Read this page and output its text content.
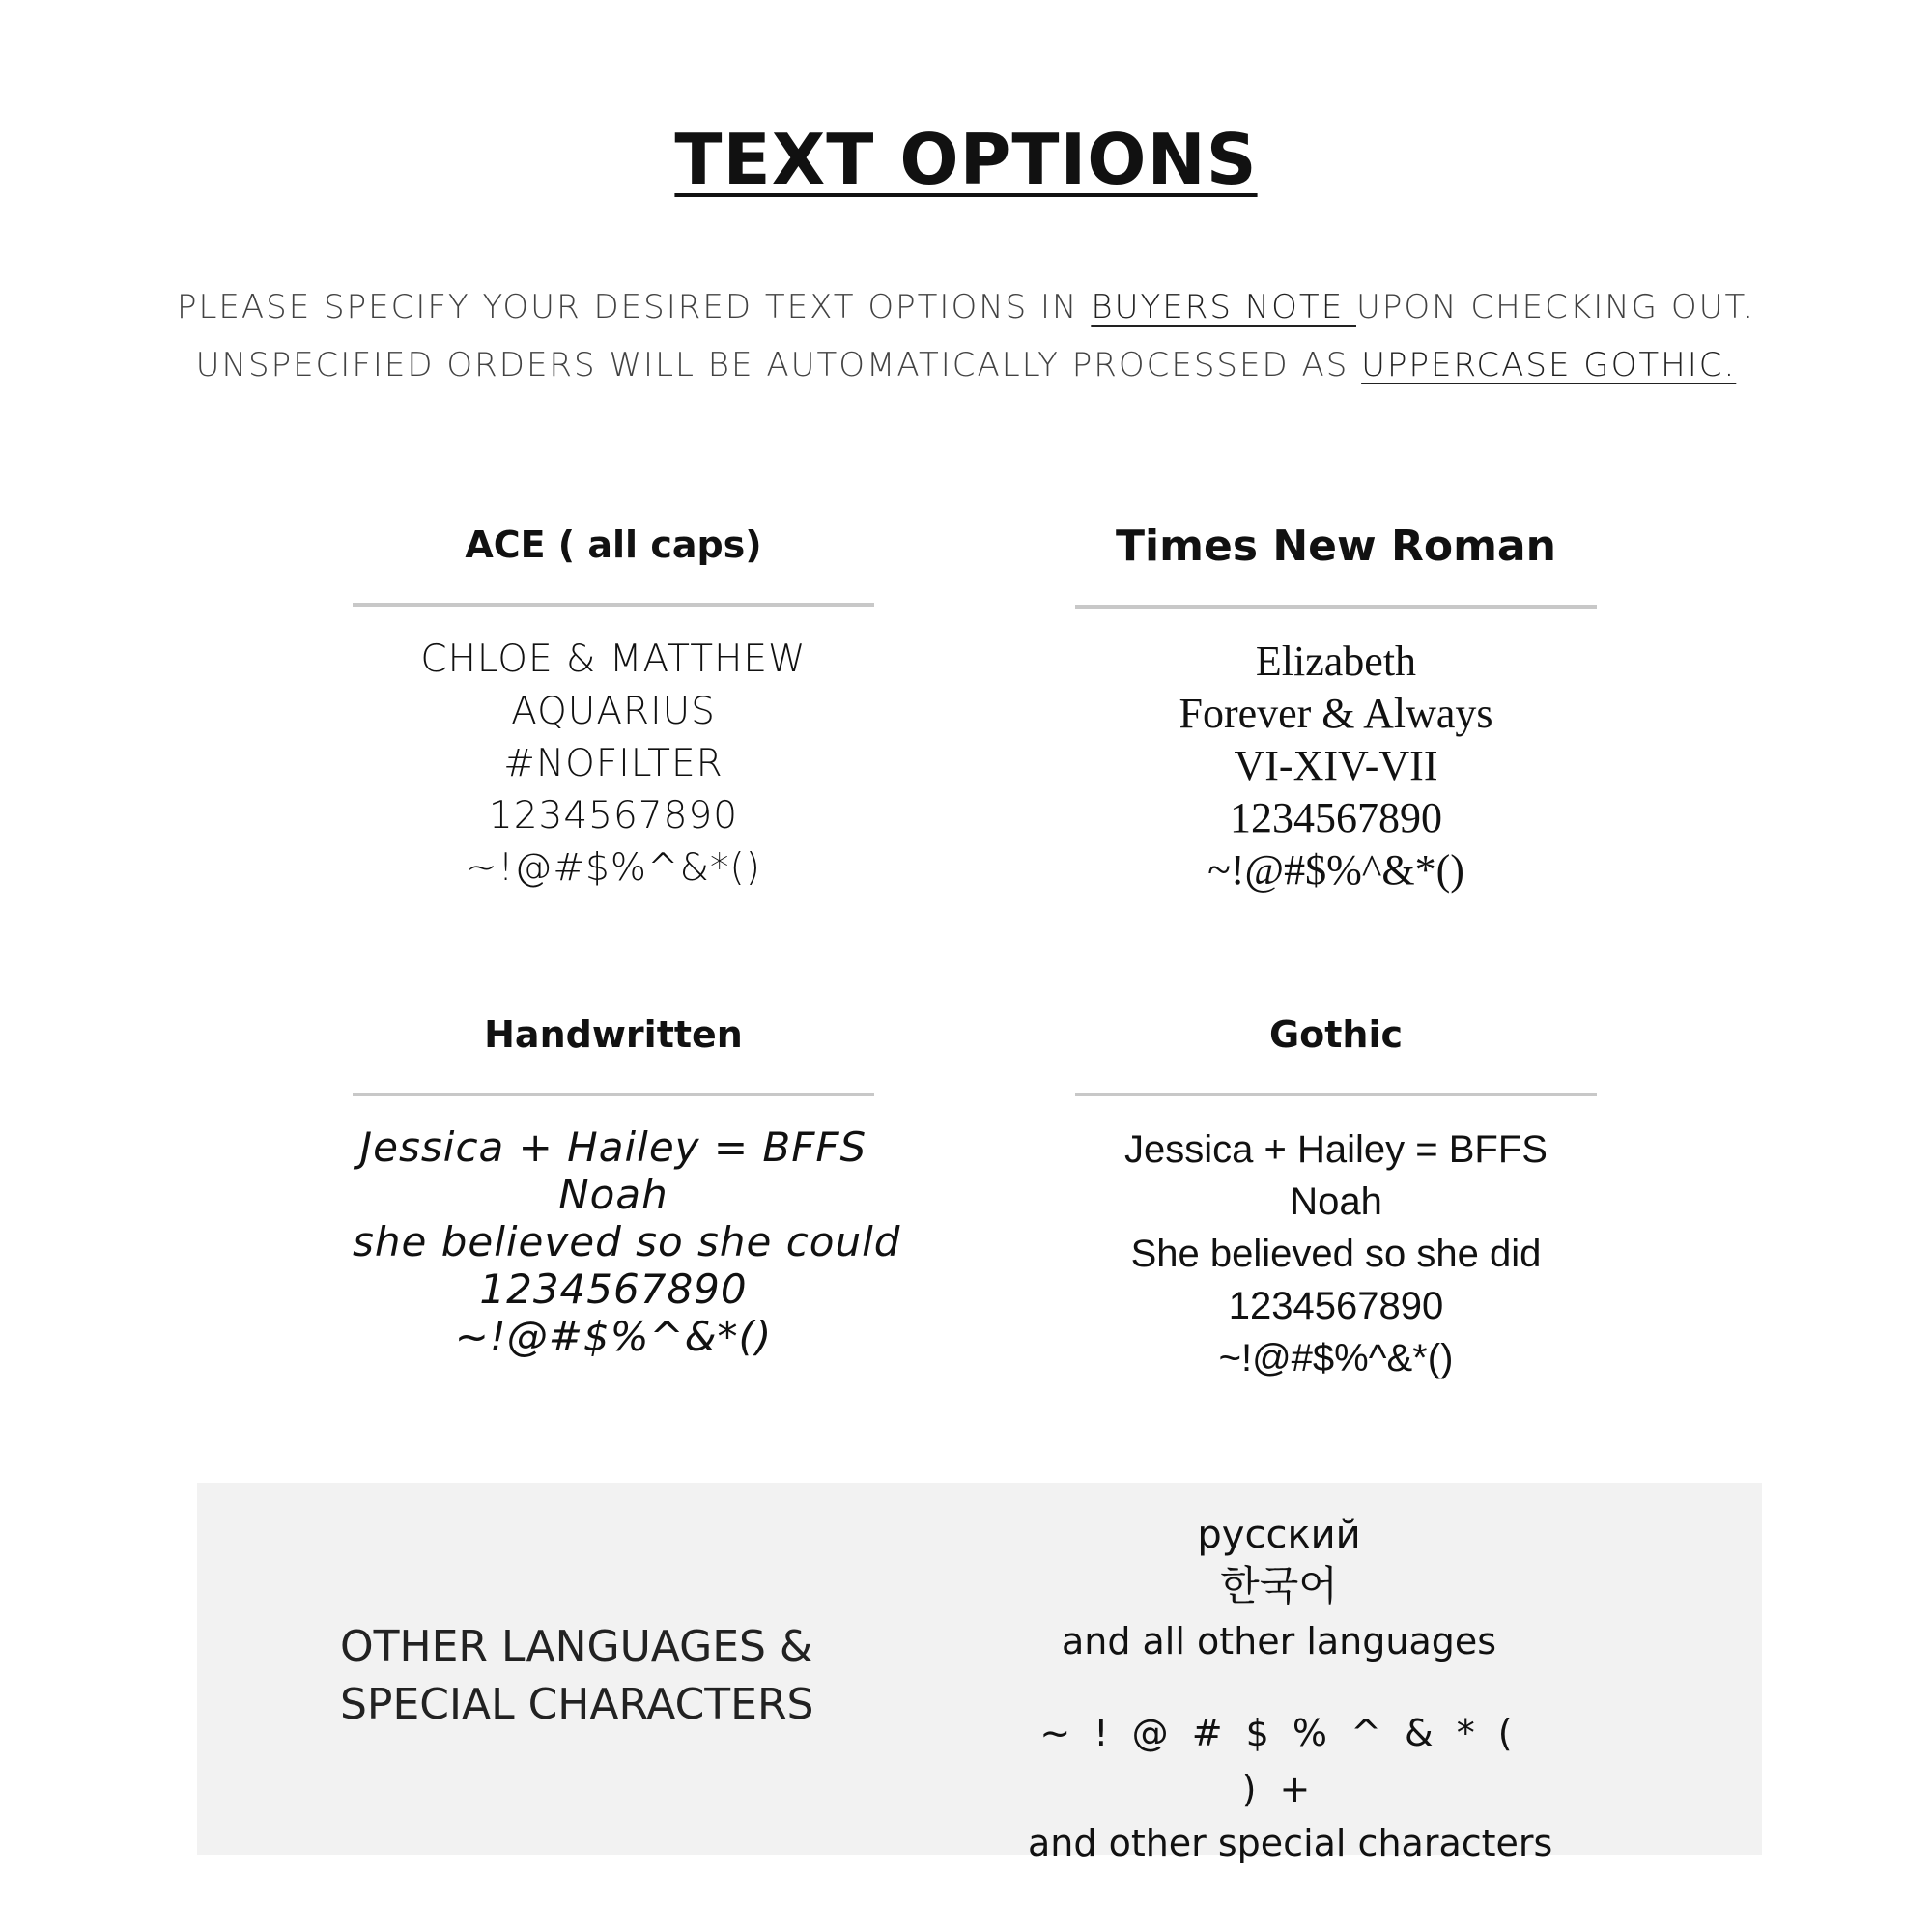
TEXT OPTIONS
PLEASE SPECIFY YOUR DESIRED TEXT OPTIONS IN BUYERS NOTE UPON CHECKING OUT.
UNSPECIFIED ORDERS WILL BE AUTOMATICALLY PROCESSED AS UPPERCASE GOTHIC.
ACE ( all caps)
CHLOE & MATTHEW
AQUARIUS
#NOFILTER
1234567890
~!@#$%^&*()
Times New Roman
Elizabeth
Forever & Always
VI-XIV-VII
1234567890
~!@#$%^&*()
Handwritten
Jessica + Hailey = BFFS
Noah
she believed so she could
1234567890
~!@#$%^&*()
Gothic
Jessica + Hailey = BFFS
Noah
She believed so she did
1234567890
~!@#$%^&*()
OTHER LANGUAGES &
SPECIAL CHARACTERS
русский
한국어
and all other languages
~ ! @ # $ % ^ & * ( ) +
and other special characters
